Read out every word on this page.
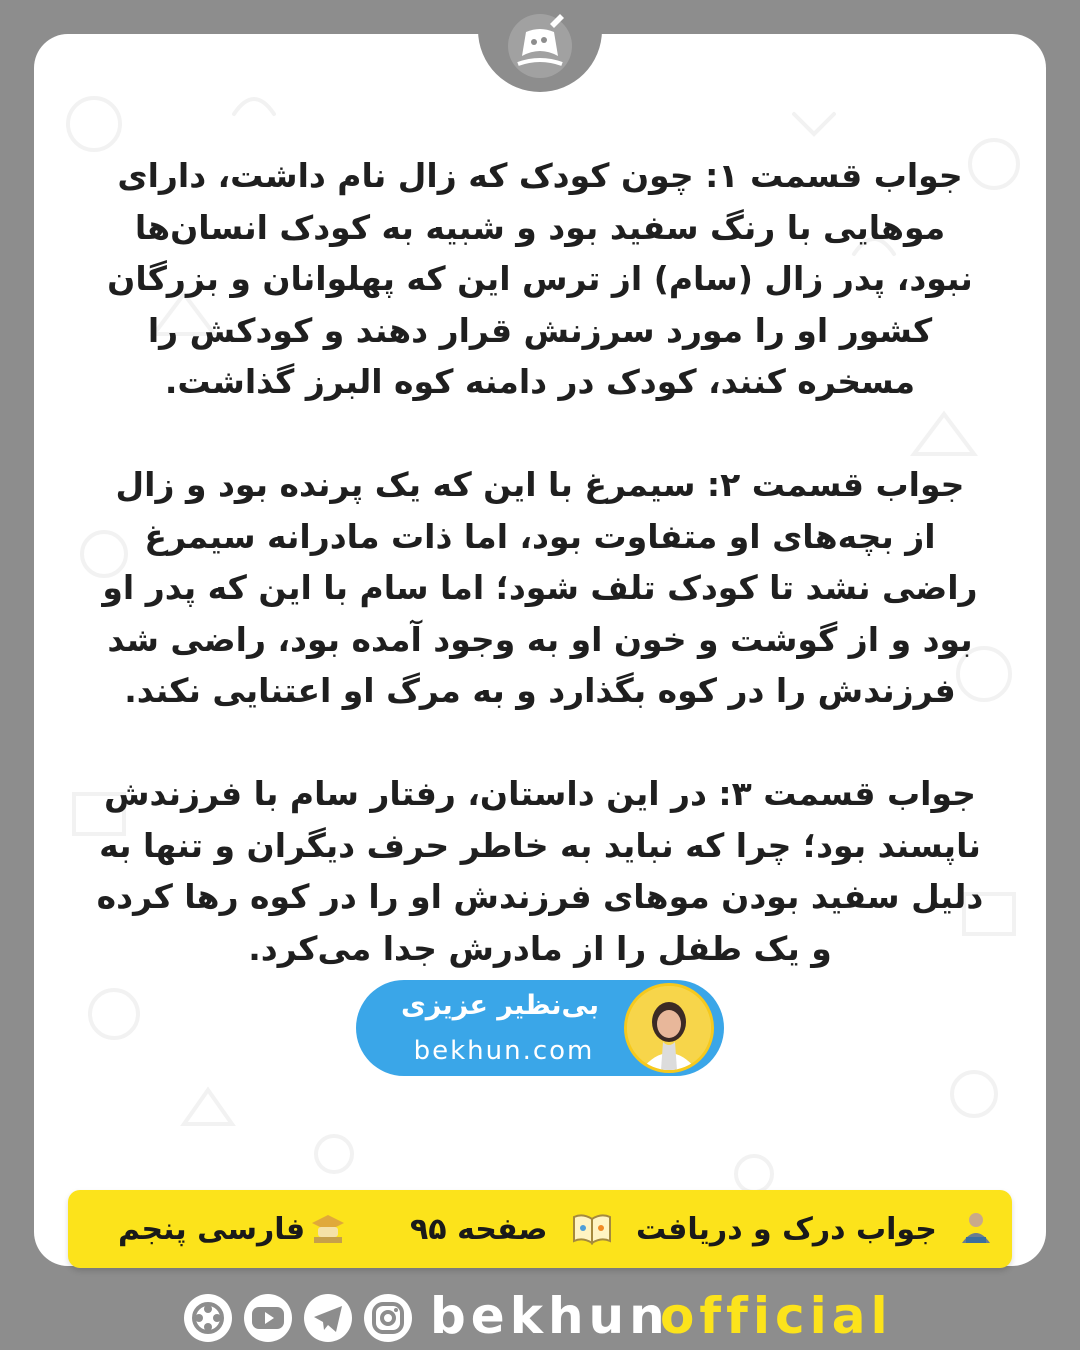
جواب قسمت ۱: چون کودک که زال نام داشت، دارای موهایی با رنگ سفید بود و شبیه به کودک انسان‌ها نبود، پدر زال (سام) از ترس این که پهلوانان و بزرگان کشور او را مورد سرزنش قرار دهند و کودکش را مسخره کنند، کودک در دامنه کوه البرز گذاشت.

جواب قسمت ۲: سیمرغ با این که یک پرنده بود و زال از بچه‌های او متفاوت بود، اما ذات مادرانه سیمرغ راضی نشد تا کودک تلف شود؛ اما سام با این که پدر او بود و از گوشت و خون او به وجود آمده بود، راضی شد فرزندش را در کوه بگذارد و به مرگ او اعتنایی نکند.

جواب قسمت ۳: در این داستان، رفتار سام با فرزندش ناپسند بود؛ چرا که نباید به خاطر حرف دیگران و تنها به دلیل سفید بودن موهای فرزندش او را در کوه رها کرده و یک طفل را از مادرش جدا می‌کرد.

بی‌نظیر عزیزی
bekhun.com
جواب درک و دریافت
صفحه ۹۵
فارسی پنجم
bekhun
official
